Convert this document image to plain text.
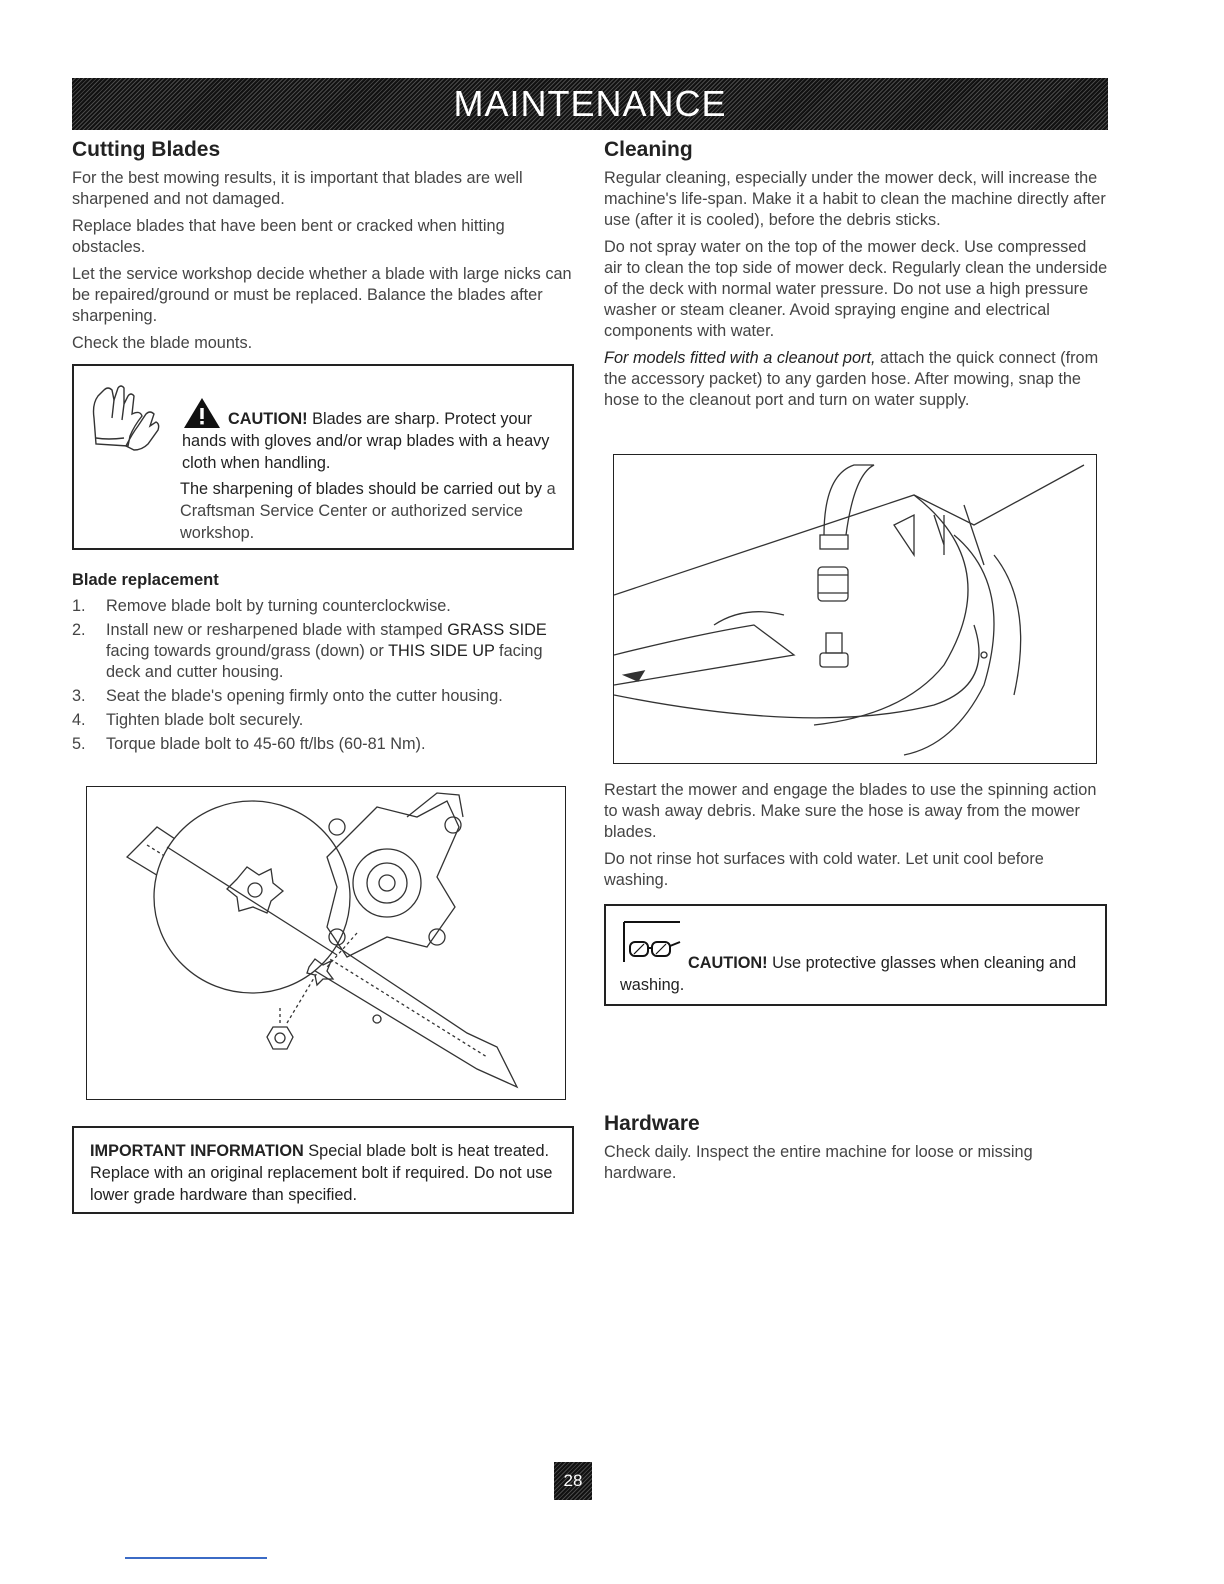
MAINTENANCE
Cutting Blades

For the best mowing results, it is important that blades are well sharpened and not damaged.

Replace blades that have been bent or cracked when hitting obstacles.

Let the service workshop decide whether a blade with large nicks can be repaired/ground or must be replaced. Balance the blades after sharpening.

Check the blade mounts.

CAUTION! Blades are sharp. Protect your hands with gloves and/or wrap blades with a heavy cloth when handling.
The sharpening of blades should be carried out by a Craftsman Service Center or authorized service workshop.
Blade replacement
1.	Remove blade bolt by turning counterclockwise.
2.	Install new or resharpened blade with stamped GRASS SIDE facing towards ground/grass (down) or THIS SIDE UP facing deck and cutter housing.
3.	Seat the blade's opening firmly onto the cutter housing.
4.	Tighten blade bolt securely.
5.	Torque blade bolt to 45-60 ft/lbs (60-81 Nm).
IMPORTANT INFORMATION Special blade bolt is heat treated. Replace with an original replacement bolt if required. Do not use lower grade hardware than specified.
Cleaning

Regular cleaning, especially under the mower deck, will increase the machine's life-span. Make it a habit to clean the machine directly after use (after it is cooled), before the debris sticks.

Do not spray water on the top of the mower deck. Use compressed air to clean the top side of mower deck. Regularly clean the underside of the deck with normal water pressure. Do not use a high pressure washer or steam cleaner. Avoid spraying engine and electrical components with water.

For models fitted with a cleanout port, attach the quick connect (from the accessory packet) to any garden hose. After mowing, snap the hose to the cleanout port and turn on water supply.

Restart the mower and engage the blades to use the spinning action to wash away debris. Make sure the hose is away from the mower blades.

Do not rinse hot surfaces with cold water. Let unit cool before washing.

CAUTION! Use protective glasses when cleaning and washing.
Hardware

Check daily. Inspect the entire machine for loose or missing hardware.

28
